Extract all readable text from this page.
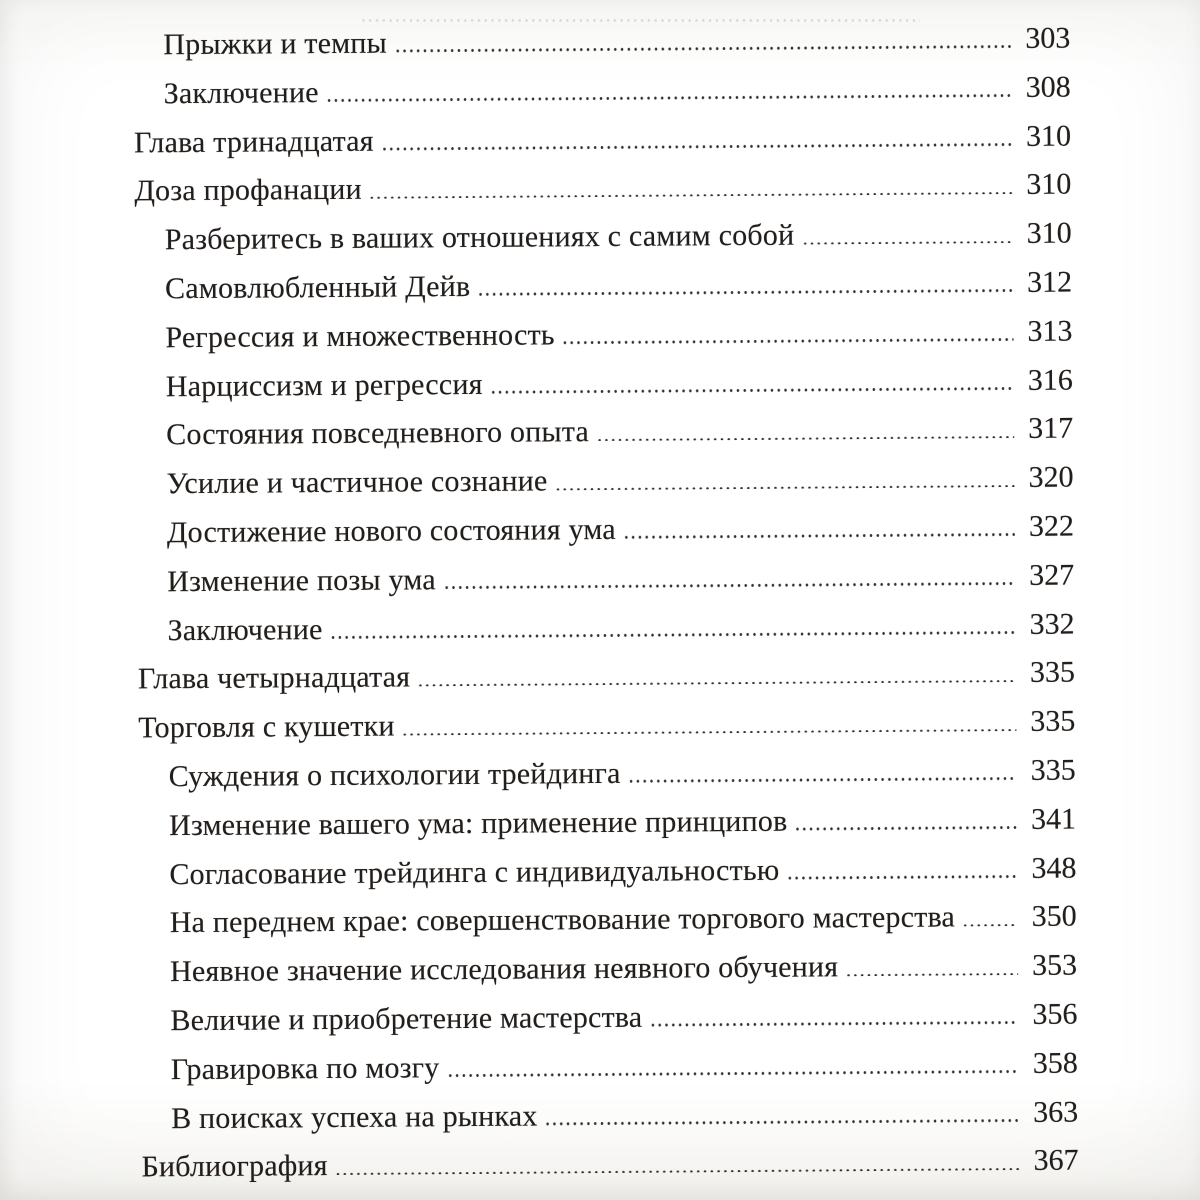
Прыжки и темпы	303
Заключение	308
Глава тринадцатая	310
Доза профанации	310
Разберитесь в ваших отношениях с самим собой	310
Самовлюбленный Дейв	312
Регрессия и множественность	313
Нарциссизм и регрессия	316
Состояния повседневного опыта	317
Усилие и частичное сознание	320
Достижение нового состояния ума	322
Изменение позы ума	327
Заключение	332
Глава четырнадцатая	335
Торговля с кушетки	335
Суждения о психологии трейдинга	335
Изменение вашего ума: применение принципов	341
Согласование трейдинга с индивидуальностью	348
На переднем крае: совершенствование торгового мастерства	350
Неявное значение исследования неявного обучения	353
Величие и приобретение мастерства	356
Гравировка по мозгу	358
В поисках успеха на рынках	363
Библиография	367
